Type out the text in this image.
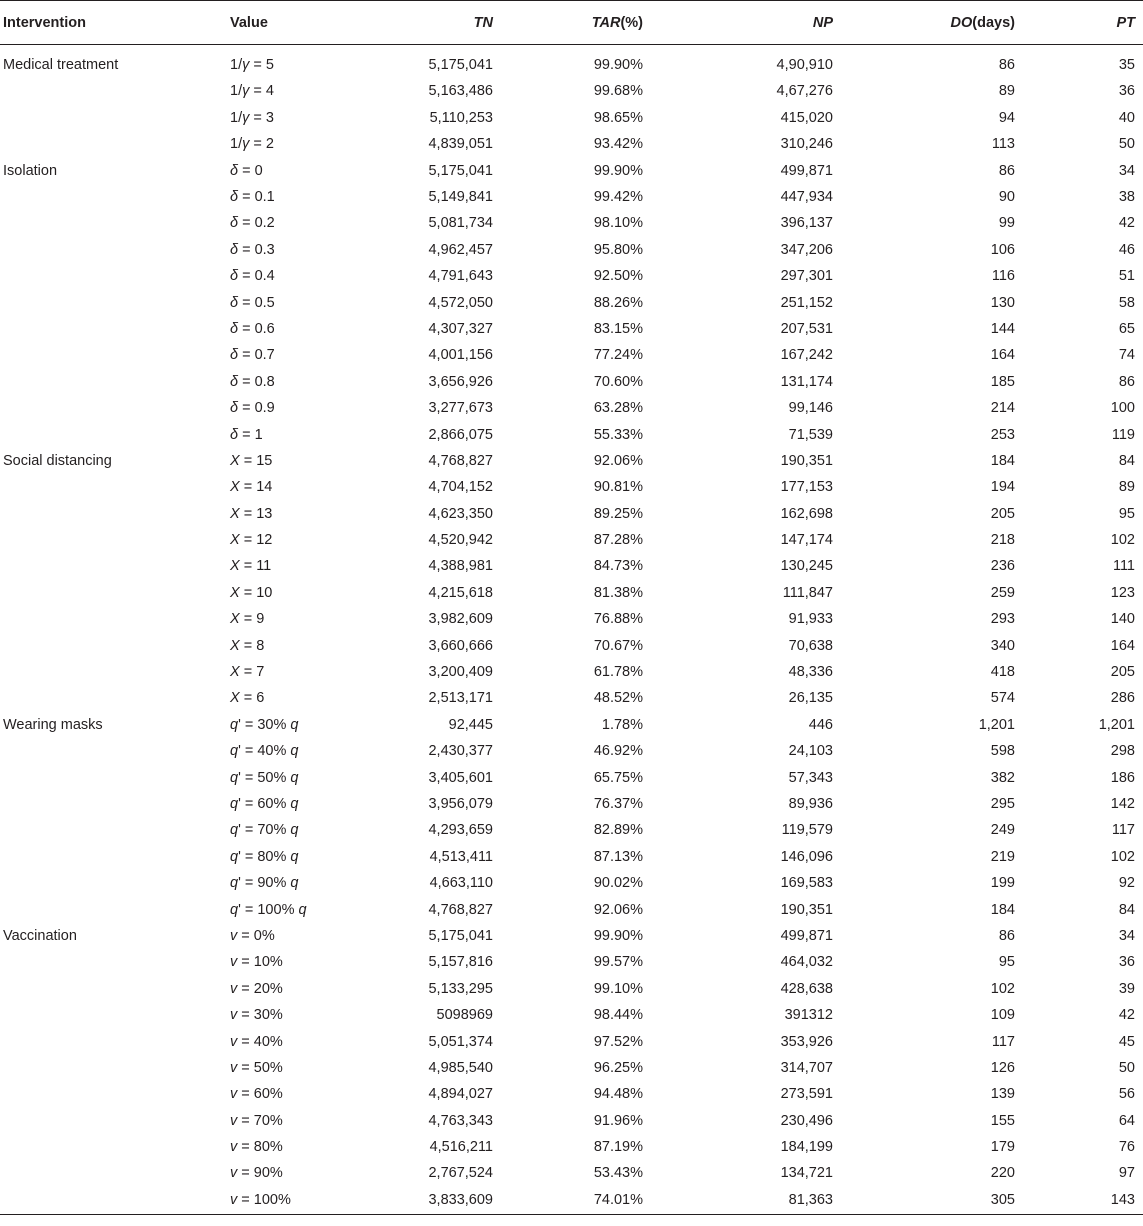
Intervention	Value	TN	TAR(%)	NP	DO(days)	PT
Medical treatment	1/γ = 5	5,175,041	99.90%	4,90,910	86	35
	1/γ = 4	5,163,486	99.68%	4,67,276	89	36
	1/γ = 3	5,110,253	98.65%	415,020	94	40
	1/γ = 2	4,839,051	93.42%	310,246	113	50
Isolation	δ = 0	5,175,041	99.90%	499,871	86	34
	δ = 0.1	5,149,841	99.42%	447,934	90	38
	δ = 0.2	5,081,734	98.10%	396,137	99	42
	δ = 0.3	4,962,457	95.80%	347,206	106	46
	δ = 0.4	4,791,643	92.50%	297,301	116	51
	δ = 0.5	4,572,050	88.26%	251,152	130	58
	δ = 0.6	4,307,327	83.15%	207,531	144	65
	δ = 0.7	4,001,156	77.24%	167,242	164	74
	δ = 0.8	3,656,926	70.60%	131,174	185	86
	δ = 0.9	3,277,673	63.28%	99,146	214	100
	δ = 1	2,866,075	55.33%	71,539	253	119
Social distancing	X = 15	4,768,827	92.06%	190,351	184	84
	X = 14	4,704,152	90.81%	177,153	194	89
	X = 13	4,623,350	89.25%	162,698	205	95
	X = 12	4,520,942	87.28%	147,174	218	102
	X = 11	4,388,981	84.73%	130,245	236	111
	X = 10	4,215,618	81.38%	111,847	259	123
	X = 9	3,982,609	76.88%	91,933	293	140
	X = 8	3,660,666	70.67%	70,638	340	164
	X = 7	3,200,409	61.78%	48,336	418	205
	X = 6	2,513,171	48.52%	26,135	574	286
Wearing masks	q' = 30% q	92,445	1.78%	446	1,201	1,201
	q' = 40% q	2,430,377	46.92%	24,103	598	298
	q' = 50% q	3,405,601	65.75%	57,343	382	186
	q' = 60% q	3,956,079	76.37%	89,936	295	142
	q' = 70% q	4,293,659	82.89%	119,579	249	117
	q' = 80% q	4,513,411	87.13%	146,096	219	102
	q' = 90% q	4,663,110	90.02%	169,583	199	92
	q' = 100% q	4,768,827	92.06%	190,351	184	84
Vaccination	v = 0%	5,175,041	99.90%	499,871	86	34
	v = 10%	5,157,816	99.57%	464,032	95	36
	v = 20%	5,133,295	99.10%	428,638	102	39
	v = 30%	5098969	98.44%	391312	109	42
	v = 40%	5,051,374	97.52%	353,926	117	45
	v = 50%	4,985,540	96.25%	314,707	126	50
	v = 60%	4,894,027	94.48%	273,591	139	56
	v = 70%	4,763,343	91.96%	230,496	155	64
	v = 80%	4,516,211	87.19%	184,199	179	76
	v = 90%	2,767,524	53.43%	134,721	220	97
	v = 100%	3,833,609	74.01%	81,363	305	143
